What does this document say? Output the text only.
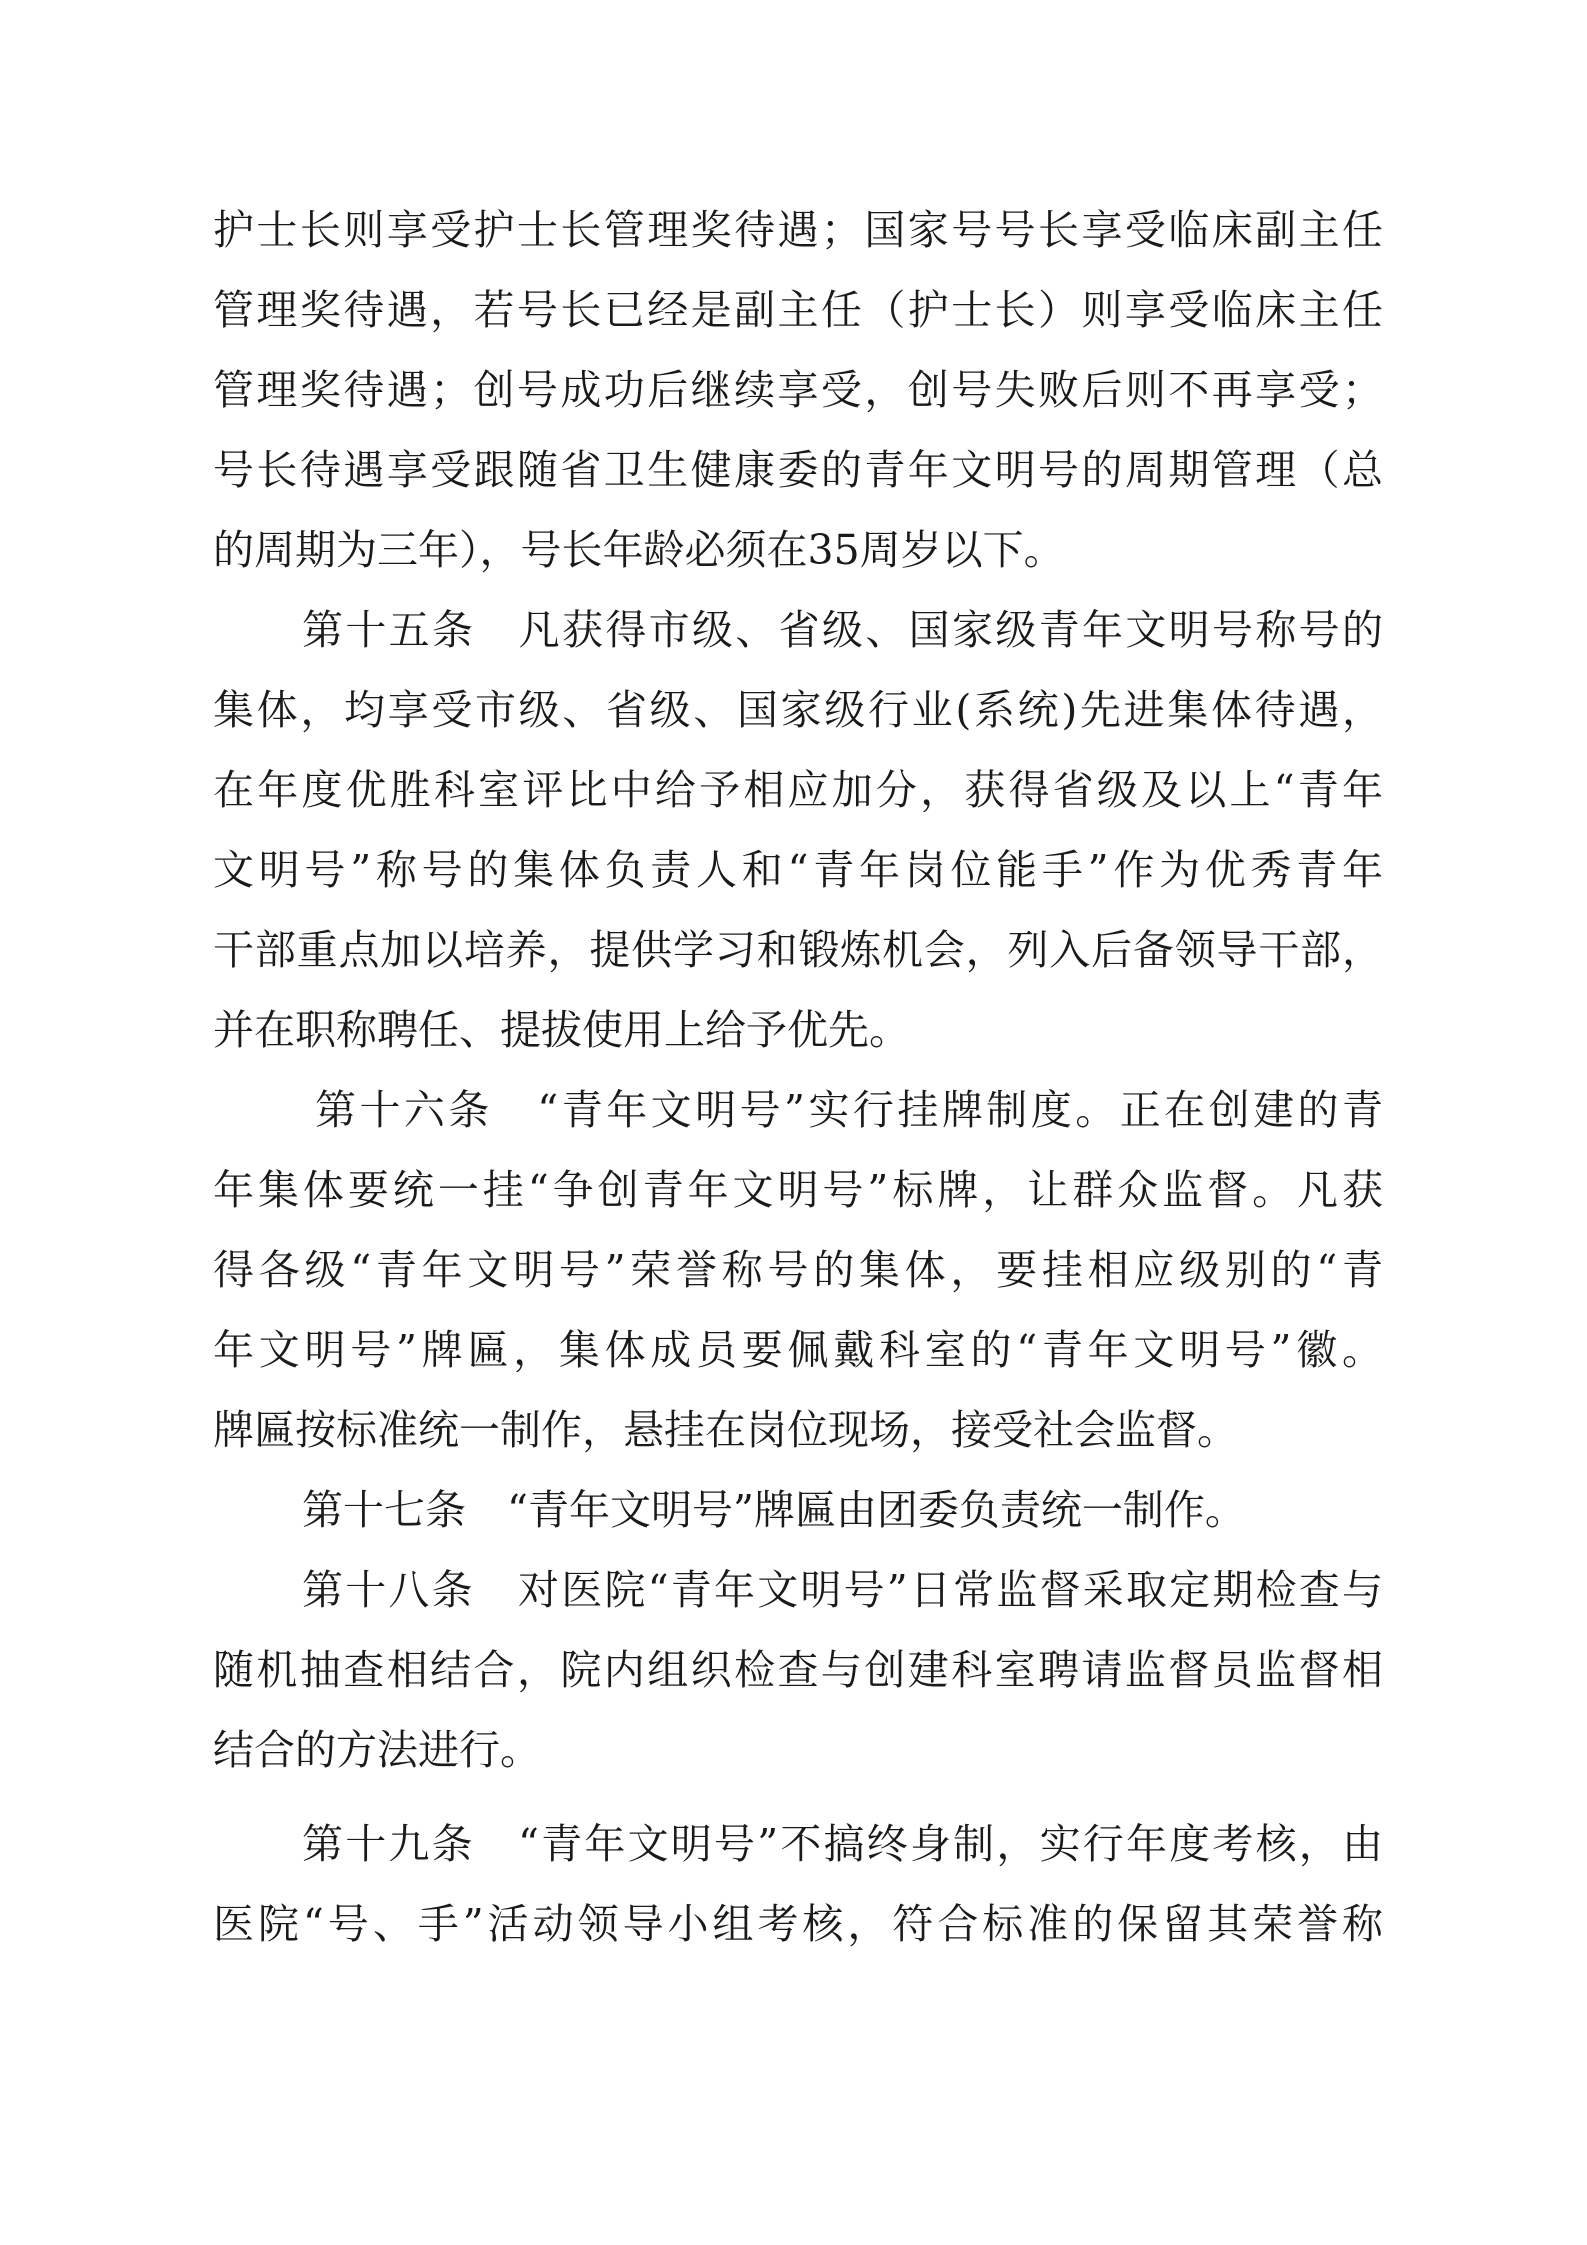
护士长则享受护士长管理奖待遇；国家号号长享受临床副主任
管理奖待遇，若号长已经是副主任（护士长）则享受临床主任
管理奖待遇；创号成功后继续享受，创号失败后则不再享受；
号长待遇享受跟随省卫生健康委的青年文明号的周期管理（总
的周期为三年），号长年龄必须在35周岁以下。
第十五条　凡获得市级、省级、国家级青年文明号称号的
集体，均享受市级、省级、国家级行业(系统)先进集体待遇，
在年度优胜科室评比中给予相应加分，获得省级及以上“青年
文明号”称号的集体负责人和“青年岗位能手”作为优秀青年
干部重点加以培养，提供学习和锻炼机会，列入后备领导干部，
并在职称聘任、提拔使用上给予优先。
第十六条　“青年文明号”实行挂牌制度。正在创建的青
年集体要统一挂“争创青年文明号”标牌，让群众监督。凡获
得各级“青年文明号”荣誉称号的集体，要挂相应级别的“青
年文明号”牌匾，集体成员要佩戴科室的“青年文明号”徽。
牌匾按标准统一制作，悬挂在岗位现场，接受社会监督。
第十七条　“青年文明号”牌匾由团委负责统一制作。
第十八条　对医院“青年文明号”日常监督采取定期检查与
随机抽查相结合，院内组织检查与创建科室聘请监督员监督相
结合的方法进行。
第十九条　“青年文明号”不搞终身制，实行年度考核，由
医院“号、手”活动领导小组考核，符合标准的保留其荣誉称
